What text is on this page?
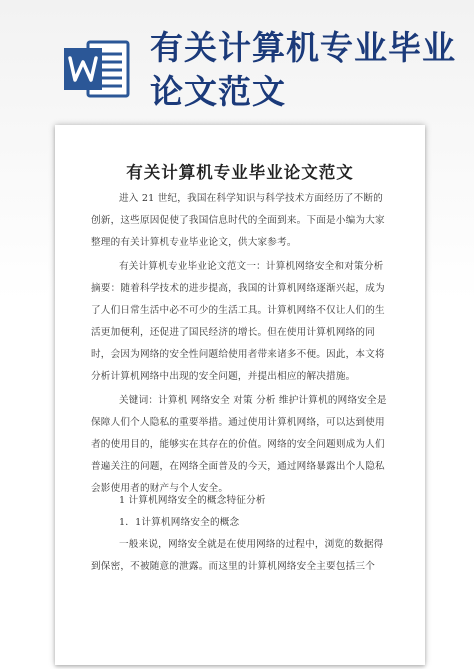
有关计算机专业毕业论文范文
有关计算机专业毕业论文范文

进入 21 世纪，我国在科学知识与科学技术方面经历了不断的创新，这些原因促使了我国信息时代的全面到来。下面是小编为大家整理的有关计算机专业毕业论文，供大家参考。

有关计算机专业毕业论文范文一：计算机网络安全和对策分析　　摘要：随着科学技术的进步提高，我国的计算机网络逐渐兴起，成为了人们日常生活中必不可少的生活工具。计算机网络不仅让人们的生活更加便利，还促进了国民经济的增长。但在使用计算机网络的同时，会因为网络的安全性问题给使用者带来诸多不便。因此，本文将分析计算机网络中出现的安全问题，并提出相应的解决措施。

关键词：计算机 网络安全 对策 分析 维护计算机的网络安全是保障人们个人隐私的重要举措。通过使用计算机网络，可以达到使用者的使用目的，能够实在其存在的价值。网络的安全问题则成为人们普遍关注的问题，在网络全面普及的今天，通过网络暴露出个人隐私会影使用者的财产与个人安全。

1 计算机网络安全的概念特征分析

1．1计算机网络安全的概念

一般来说，网络安全就是在使用网络的过程中，浏览的数据得到保密，不被随意的泄露。而这里的计算机网络安全主要包括三个
